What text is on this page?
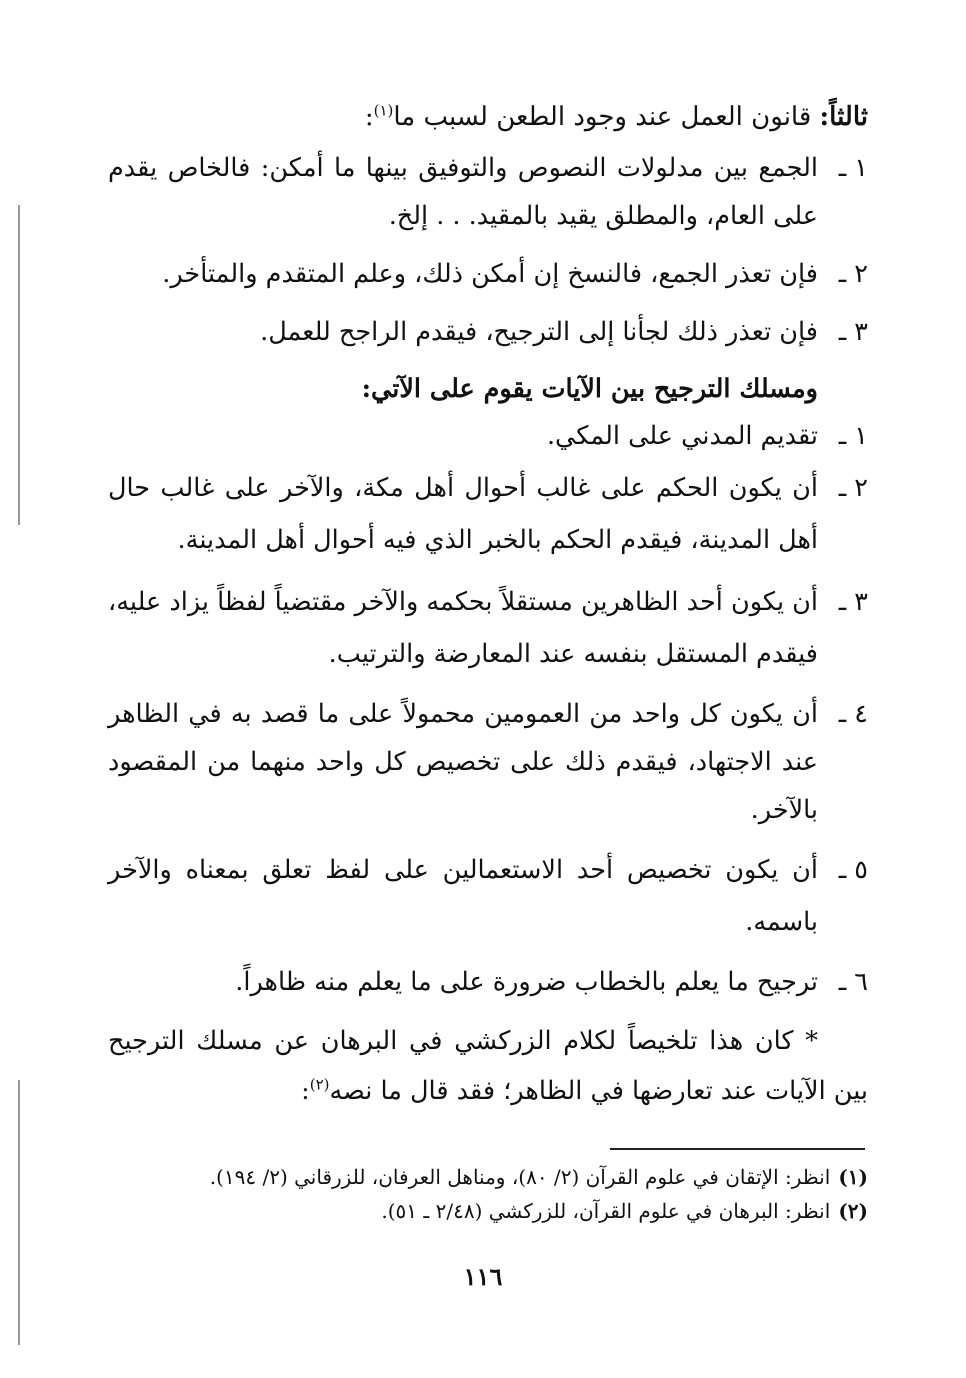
ثالثاً: قانون العمل عند وجود الطعن لسبب ما$^{(١)}$:

١ ـ
الجمع بين مدلولات النصوص والتوفيق بينها ما أمكن: فالخاص يقدم على العام، والمطلق يقيد بالمقيد. . . إلخ.

٢ ـ
فإن تعذر الجمع، فالنسخ إن أمكن ذلك، وعلم المتقدم والمتأخر.

٣ ـ
فإن تعذر ذلك لجأنا إلى الترجيح، فيقدم الراجح للعمل.

ومسلك الترجيح بين الآيات يقوم على الآتي:

١ ـ
تقديم المدني على المكي.

٢ ـ
أن يكون الحكم على غالب أحوال أهل مكة، والآخر على غالب حال أهل المدينة، فيقدم الحكم بالخبر الذي فيه أحوال أهل المدينة.

٣ ـ
أن يكون أحد الظاهرين مستقلاً بحكمه والآخر مقتضياً لفظاً يزاد عليه، فيقدم المستقل بنفسه عند المعارضة والترتيب.

٤ ـ
أن يكون كل واحد من العمومين محمولاً على ما قصد به في الظاهر عند الاجتهاد، فيقدم ذلك على تخصيص كل واحد منهما من المقصود بالآخر.

٥ ـ
أن يكون تخصيص أحد الاستعمالين على لفظ تعلق بمعناه والآخر باسمه.

٦ ـ
ترجيح ما يعلم بالخطاب ضرورة على ما يعلم منه ظاهراً.

* كان هذا تلخيصاً لكلام الزركشي في البرهان عن مسلك الترجيح بين الآيات عند تعارضها في الظاهر؛ فقد قال ما نصه$^{(٢)}$:

(١)انظر: الإتقان في علوم القرآن (٢/ ٨٠)، ومناهل العرفان، للزرقاني (٢/ ١٩٤).
(٢)انظر: البرهان في علوم القرآن، للزركشي (٢/٤٨ ـ ٥١).
١١٦
